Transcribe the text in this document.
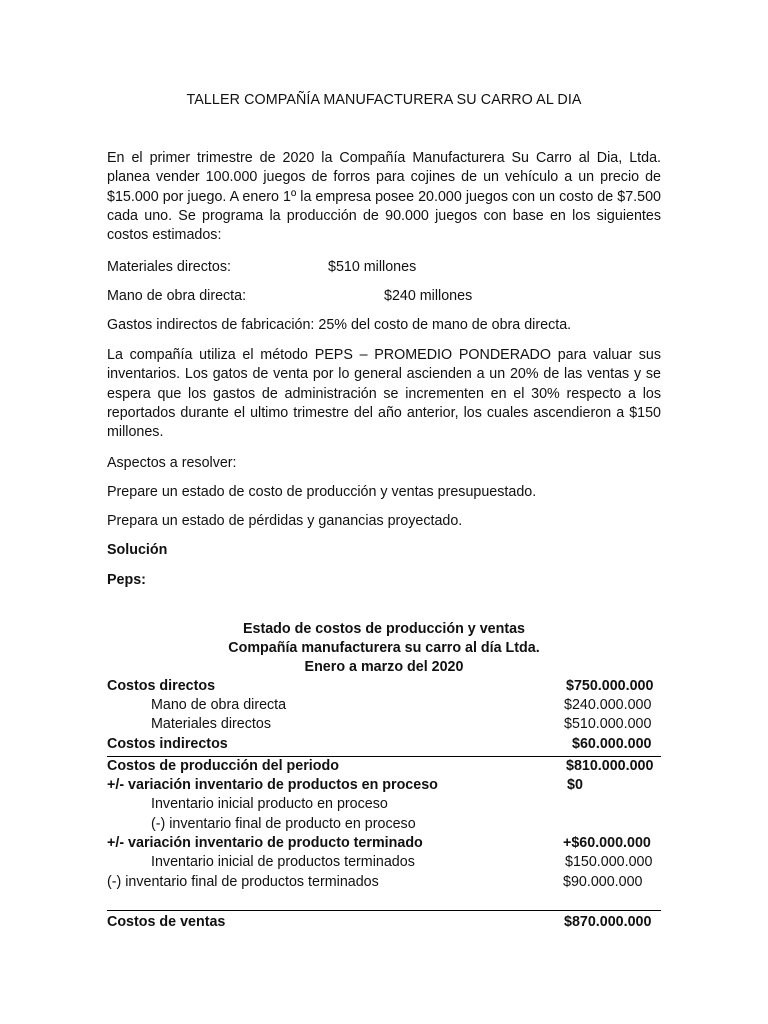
TALLER COMPAÑÍA MANUFACTURERA SU CARRO AL DIA

En el primer trimestre de 2020 la Compañía Manufacturera Su Carro al Dia, Ltda. planea vender 100.000 juegos de forros para cojines de un vehículo a un precio de $15.000 por juego. A enero 1º la empresa posee 20.000 juegos con un costo de $7.500 cada uno. Se programa la producción de 90.000 juegos con base en los siguientes costos estimados:

Materiales directos:	$510 millones
Mano de obra directa:	$240 millones
Gastos indirectos de fabricación: 25% del costo de mano de obra directa.

La compañía utiliza el método PEPS – PROMEDIO PONDERADO para valuar sus inventarios. Los gatos de venta por lo general ascienden a un 20% de las ventas y se espera que los gastos de administración se incrementen en el 30% respecto a los reportados durante el ultimo trimestre del año anterior, los cuales ascendieron a $150 millones.

Aspectos a resolver:
Prepare un estado de costo de producción y ventas presupuestado.
Prepara un estado de pérdidas y ganancias proyectado.
Solución
Peps:
Estado de costos de producción y ventas
Compañía manufacturera su carro al día Ltda.
Enero a marzo del 2020
Costos directos	$750.000.000
Mano de obra directa	$240.000.000
Materiales directos	$510.000.000
Costos indirectos	$60.000.000
Costos de producción del periodo	$810.000.000
+/- variación inventario de productos en proceso	$0
Inventario inicial producto en proceso
(-) inventario final de producto en proceso
+/- variación inventario de producto terminado	+$60.000.000
Inventario inicial de productos terminados	$150.000.000
(-) inventario final de productos terminados	$90.000.000
Costos de ventas	$870.000.000
